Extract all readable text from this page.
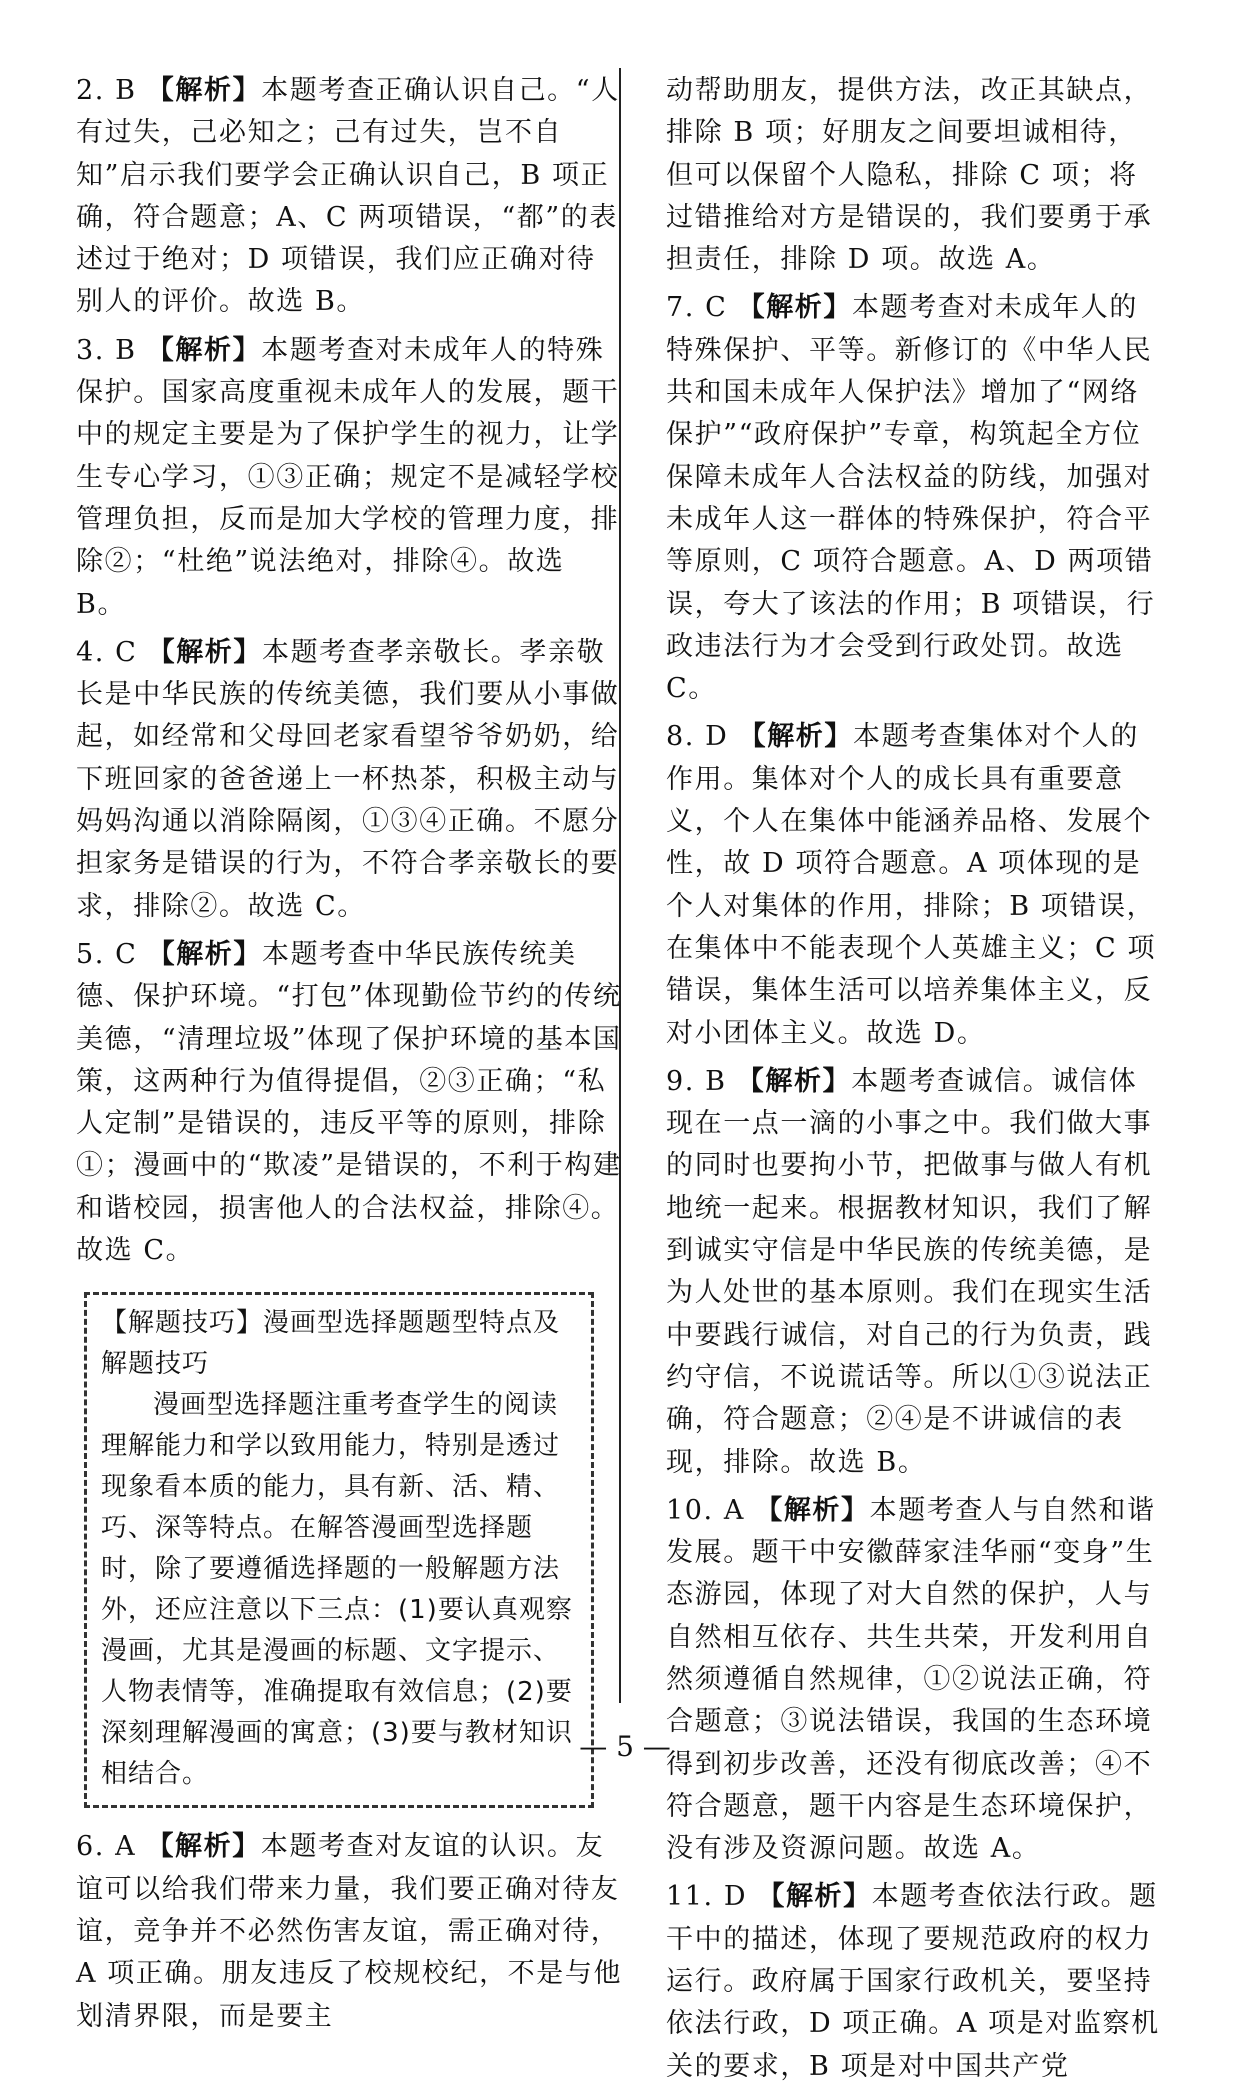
2. B 【解析】本题考查正确认识自己。“人有过失，己必知之；己有过失，岂不自知”启示我们要学会正确认识自己，B 项正确，符合题意；A、C 两项错误，“都”的表述过于绝对；D 项错误，我们应正确对待别人的评价。故选 B。

3. B 【解析】本题考查对未成年人的特殊保护。国家高度重视未成年人的发展，题干中的规定主要是为了保护学生的视力，让学生专心学习，①③正确；规定不是减轻学校管理负担，反而是加大学校的管理力度，排除②；“杜绝”说法绝对，排除④。故选 B。

4. C 【解析】本题考查孝亲敬长。孝亲敬长是中华民族的传统美德，我们要从小事做起，如经常和父母回老家看望爷爷奶奶，给下班回家的爸爸递上一杯热茶，积极主动与妈妈沟通以消除隔阂，①③④正确。不愿分担家务是错误的行为，不符合孝亲敬长的要求，排除②。故选 C。

5. C 【解析】本题考查中华民族传统美德、保护环境。“打包”体现勤俭节约的传统美德，“清理垃圾”体现了保护环境的基本国策，这两种行为值得提倡，②③正确；“私人定制”是错误的，违反平等的原则，排除①；漫画中的“欺凌”是错误的，不利于构建和谐校园，损害他人的合法权益，排除④。故选 C。

【解题技巧】漫画型选择题题型特点及解题技巧
漫画型选择题注重考查学生的阅读理解能力和学以致用能力，特别是透过现象看本质的能力，具有新、活、精、巧、深等特点。在解答漫画型选择题时，除了要遵循选择题的一般解题方法外，还应注意以下三点：(1)要认真观察漫画，尤其是漫画的标题、文字提示、人物表情等，准确提取有效信息；(2)要深刻理解漫画的寓意；(3)要与教材知识相结合。

6. A 【解析】本题考查对友谊的认识。友谊可以给我们带来力量，我们要正确对待友谊，竞争并不必然伤害友谊，需正确对待，A 项正确。朋友违反了校规校纪，不是与他划清界限，而是要主

动帮助朋友，提供方法，改正其缺点，排除 B 项；好朋友之间要坦诚相待，但可以保留个人隐私，排除 C 项；将过错推给对方是错误的，我们要勇于承担责任，排除 D 项。故选 A。

7. C 【解析】本题考查对未成年人的特殊保护、平等。新修订的《中华人民共和国未成年人保护法》增加了“网络保护”“政府保护”专章，构筑起全方位保障未成年人合法权益的防线，加强对未成年人这一群体的特殊保护，符合平等原则，C 项符合题意。A、D 两项错误，夸大了该法的作用；B 项错误，行政违法行为才会受到行政处罚。故选 C。

8. D 【解析】本题考查集体对个人的作用。集体对个人的成长具有重要意义，个人在集体中能涵养品格、发展个性，故 D 项符合题意。A 项体现的是个人对集体的作用，排除；B 项错误，在集体中不能表现个人英雄主义；C 项错误，集体生活可以培养集体主义，反对小团体主义。故选 D。

9. B 【解析】本题考查诚信。诚信体现在一点一滴的小事之中。我们做大事的同时也要拘小节，把做事与做人有机地统一起来。根据教材知识，我们了解到诚实守信是中华民族的传统美德，是为人处世的基本原则。我们在现实生活中要践行诚信，对自己的行为负责，践约守信，不说谎话等。所以①③说法正确，符合题意；②④是不讲诚信的表现，排除。故选 B。

10. A 【解析】本题考查人与自然和谐发展。题干中安徽薛家洼华丽“变身”生态游园，体现了对大自然的保护，人与自然相互依存、共生共荣，开发利用自然须遵循自然规律，①②说法正确，符合题意；③说法错误，我国的生态环境得到初步改善，还没有彻底改善；④不符合题意，题干内容是生态环境保护，没有涉及资源问题。故选 A。

11. D 【解析】本题考查依法行政。题干中的描述，体现了要规范政府的权力运行。政府属于国家行政机关，要坚持依法行政，D 项正确。A 项是对监察机关的要求，B 项是对中国共产党

— 5 —
